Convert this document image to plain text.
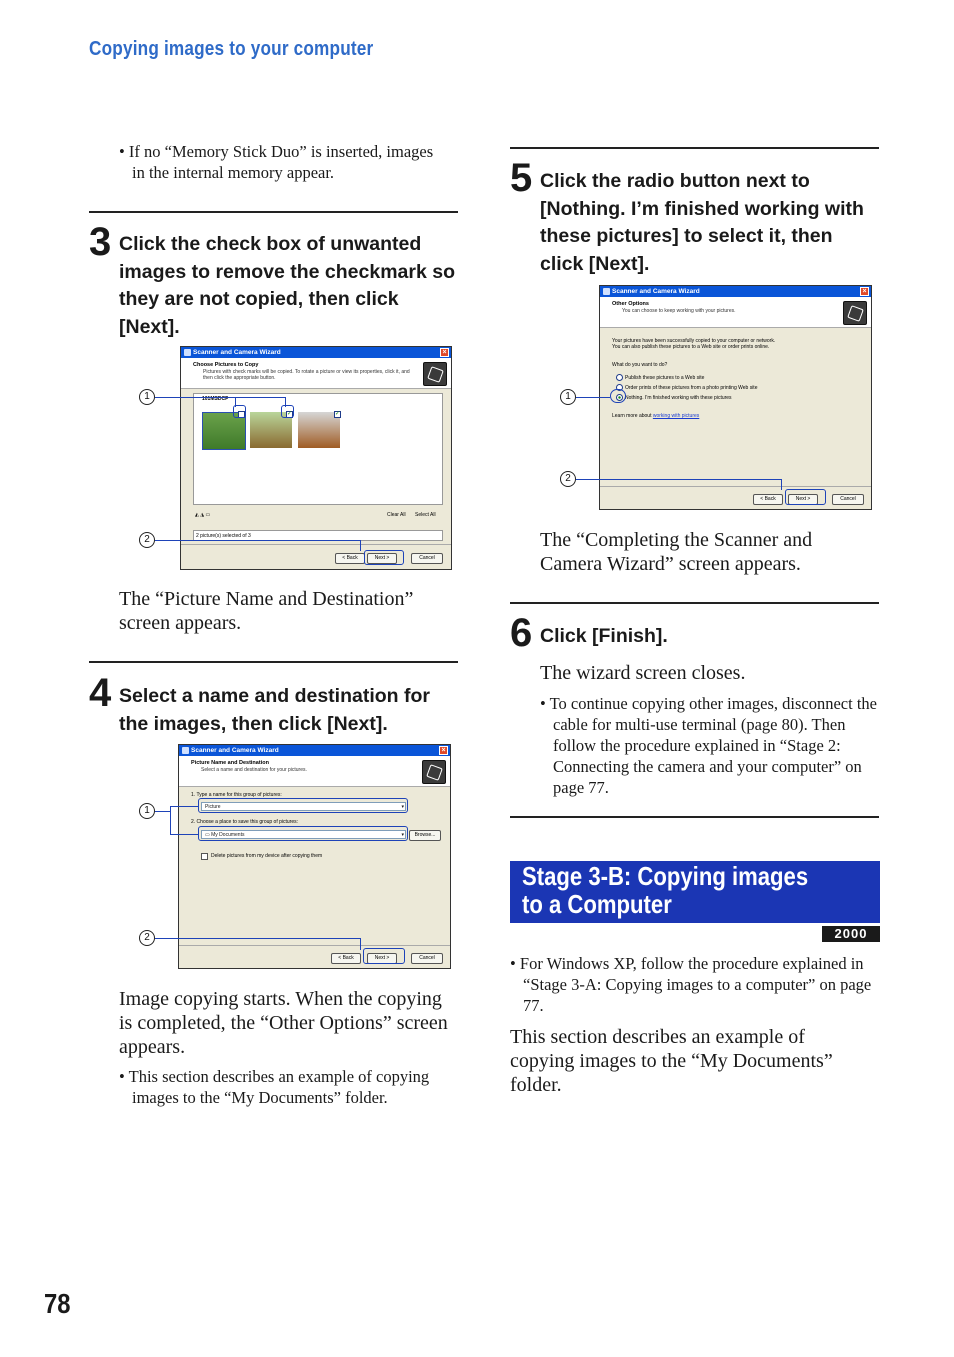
Copying images to your computer
• If no “Memory Stick Duo” is inserted, images in the internal memory appear.
3 Click the check box of unwanted images to remove the checkmark so they are not copied, then click [Next].
Scanner and Camera Wizard	×
Choose Pictures to Copy
Pictures with check marks will be copied. To rotate a picture or view its properties, click it, and then click the appropriate button.
101MSDCF
✓	✓
◭ ◮ ▭	Clear All Select All
2 picture(s) selected of 3
< Back	Next >	Cancel
1
2
The “Picture Name and Destination” screen appears.
4 Select a name and destination for the images, then click [Next].
Scanner and Camera Wizard	×
Picture Name and Destination
Select a name and destination for your pictures.
1. Type a name for this group of pictures:
Picture	▾
2. Choose a place to save this group of pictures:
▭ My Documents	▾	Browse...
Delete pictures from my device after copying them
< Back	Next >	Cancel
1
2
Image copying starts. When the copying is completed, the “Other Options” screen appears.
• This section describes an example of copying images to the “My Documents” folder.
5 Click the radio button next to [Nothing. I’m finished working with these pictures] to select it, then click [Next].
Scanner and Camera Wizard	×
Other Options
You can choose to keep working with your pictures.
Your pictures have been successfully copied to your computer or network.
You can also publish these pictures to a Web site or order prints online.
What do you want to do?
Publish these pictures to a Web site
Order prints of these pictures from a photo printing Web site
Nothing. I'm finished working with these pictures
Learn more about working with pictures
< Back	Next >	Cancel
1
2
The “Completing the Scanner and Camera Wizard” screen appears.
6 Click [Finish].
The wizard screen closes.
• To continue copying other images, disconnect the cable for multi-use terminal (page 80). Then follow the procedure explained in “Stage 2: Connecting the camera and your computer” on page 77.
Stage 3-B: Copying images to a Computer
2000
• For Windows XP, follow the procedure explained in “Stage 3-A: Copying images to a computer” on page 77.
This section describes an example of copying images to the “My Documents” folder.
78
